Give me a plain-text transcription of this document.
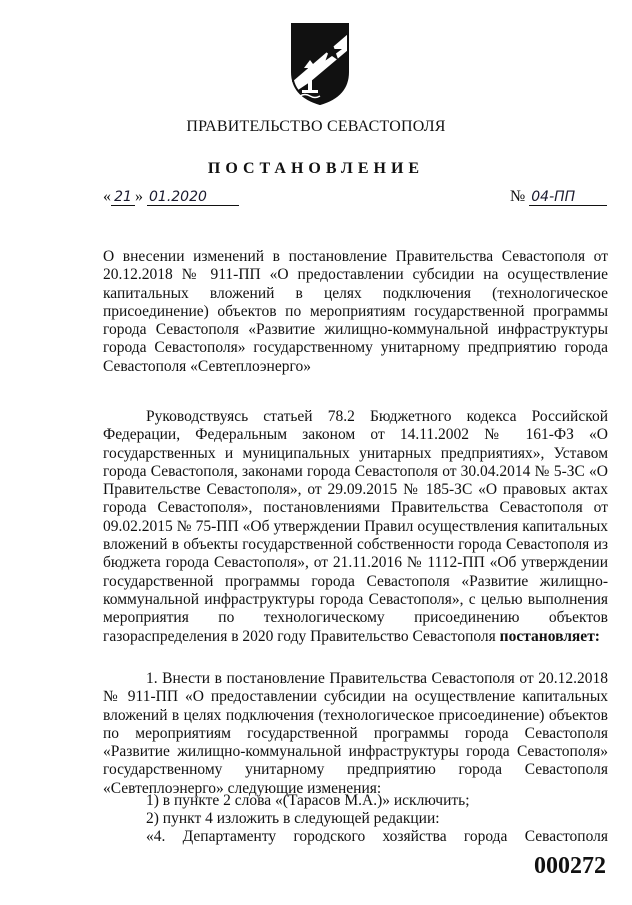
ПРАВИТЕЛЬСТВО СЕВАСТОПОЛЯ
ПОСТАНОВЛЕНИЕ
« 21 » 01.2020	№ 04-ПП

О внесении изменений в постановление Правительства Севастополя от 20.12.2018 № 911-ПП «О предоставлении субсидии на осуществление капитальных вложений в целях подключения (технологическое присоединение) объектов по мероприятиям государственной программы города Севастополя «Развитие жилищно-коммунальной инфраструктуры города Севастополя» государственному унитарному предприятию города Севастополя «Севтеплоэнерго»

Руководствуясь статьей 78.2 Бюджетного кодекса Российской Федерации, Федеральным законом от 14.11.2002 № 161-ФЗ «О государственных и муниципальных унитарных предприятиях», Уставом города Севастополя, законами города Севастополя от 30.04.2014 № 5-ЗС «О Правительстве Севастополя», от 29.09.2015 № 185-ЗС «О правовых актах города Севастополя», постановлениями Правительства Севастополя от 09.02.2015 № 75-ПП «Об утверждении Правил осуществления капитальных вложений в объекты государственной собственности города Севастополя из бюджета города Севастополя», от 21.11.2016 № 1112-ПП «Об утверждении государственной программы города Севастополя «Развитие жилищно-коммунальной инфраструктуры города Севастополя», с целью выполнения мероприятия по технологическому присоединению объектов газораспределения в 2020 году Правительство Севастополя постановляет:

1. Внести в постановление Правительства Севастополя от 20.12.2018 № 911-ПП «О предоставлении субсидии на осуществление капитальных вложений в целях подключения (технологическое присоединение) объектов по мероприятиям государственной программы города Севастополя «Развитие жилищно-коммунальной инфраструктуры города Севастополя» государственному унитарному предприятию города Севастополя «Севтеплоэнерго» следующие изменения:

1) в пункте 2 слова «(Тарасов М.А.)» исключить;

2) пункт 4 изложить в следующей редакции:

«4. Департаменту городского хозяйства города Севастополя

000272
